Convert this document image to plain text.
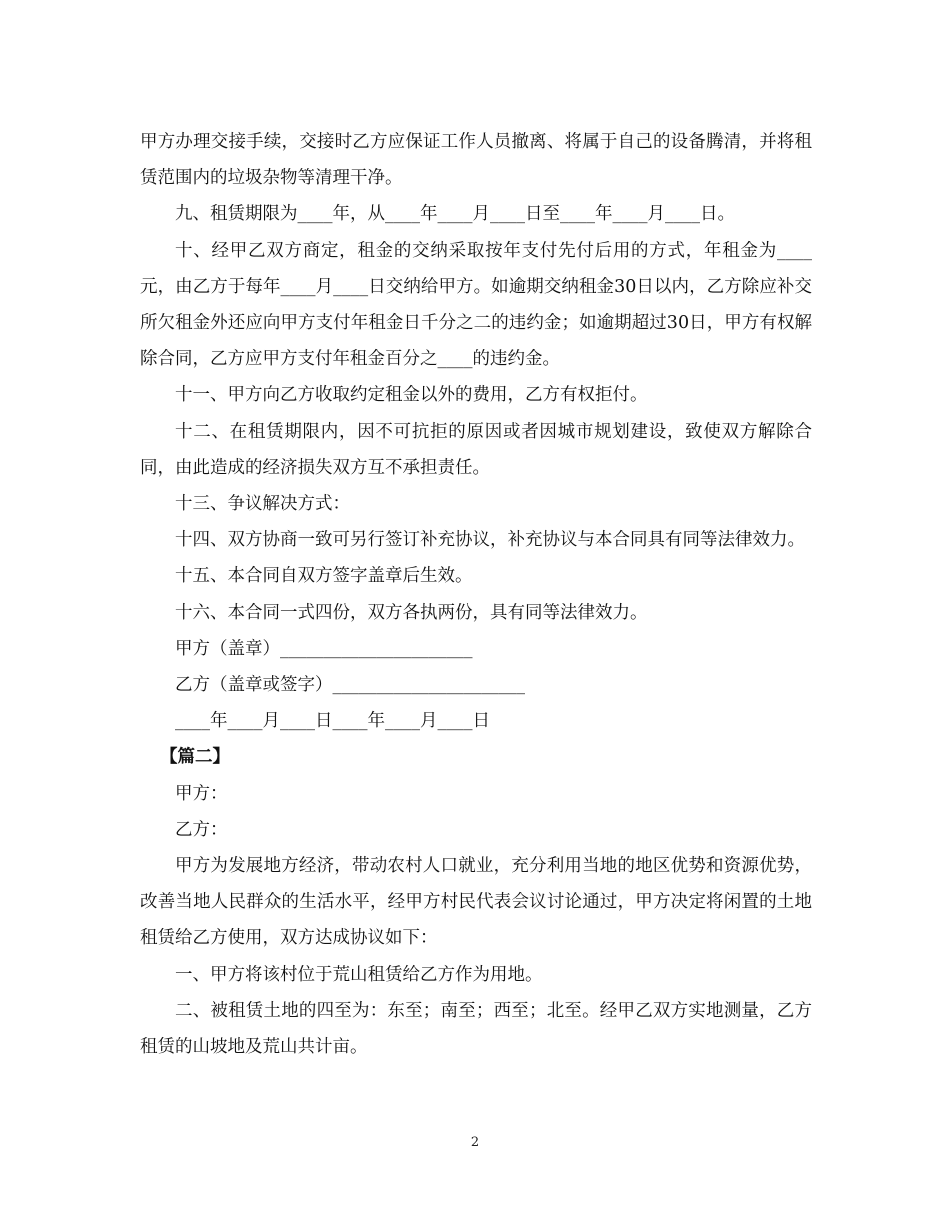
甲方办理交接手续，交接时乙方应保证工作人员撤离、将属于自己的设备腾清，并将租赁范围内的垃圾杂物等清理干净。

九、租赁期限为____年，从____年____月____日至____年____月____日。

十、经甲乙双方商定，租金的交纳采取按年支付先付后用的方式，年租金为____元，由乙方于每年____月____日交纳给甲方。如逾期交纳租金30日以内，乙方除应补交所欠租金外还应向甲方支付年租金日千分之二的违约金；如逾期超过30日，甲方有权解除合同，乙方应甲方支付年租金百分之____的违约金。

十一、甲方向乙方收取约定租金以外的费用，乙方有权拒付。

十二、在租赁期限内，因不可抗拒的原因或者因城市规划建设，致使双方解除合同，由此造成的经济损失双方互不承担责任。

十三、争议解决方式：

十四、双方协商一致可另行签订补充协议，补充协议与本合同具有同等法律效力。

十五、本合同自双方签字盖章后生效。

十六、本合同一式四份，双方各执两份，具有同等法律效力。

甲方（盖章）______________________

乙方（盖章或签字）______________________

____年____月____日____年____月____日

【篇二】

甲方：

乙方：

甲方为发展地方经济，带动农村人口就业，充分利用当地的地区优势和资源优势，改善当地人民群众的生活水平，经甲方村民代表会议讨论通过，甲方决定将闲置的土地租赁给乙方使用，双方达成协议如下：

一、甲方将该村位于荒山租赁给乙方作为用地。

二、被租赁土地的四至为：东至；南至；西至；北至。经甲乙双方实地测量，乙方租赁的山坡地及荒山共计亩。

2
